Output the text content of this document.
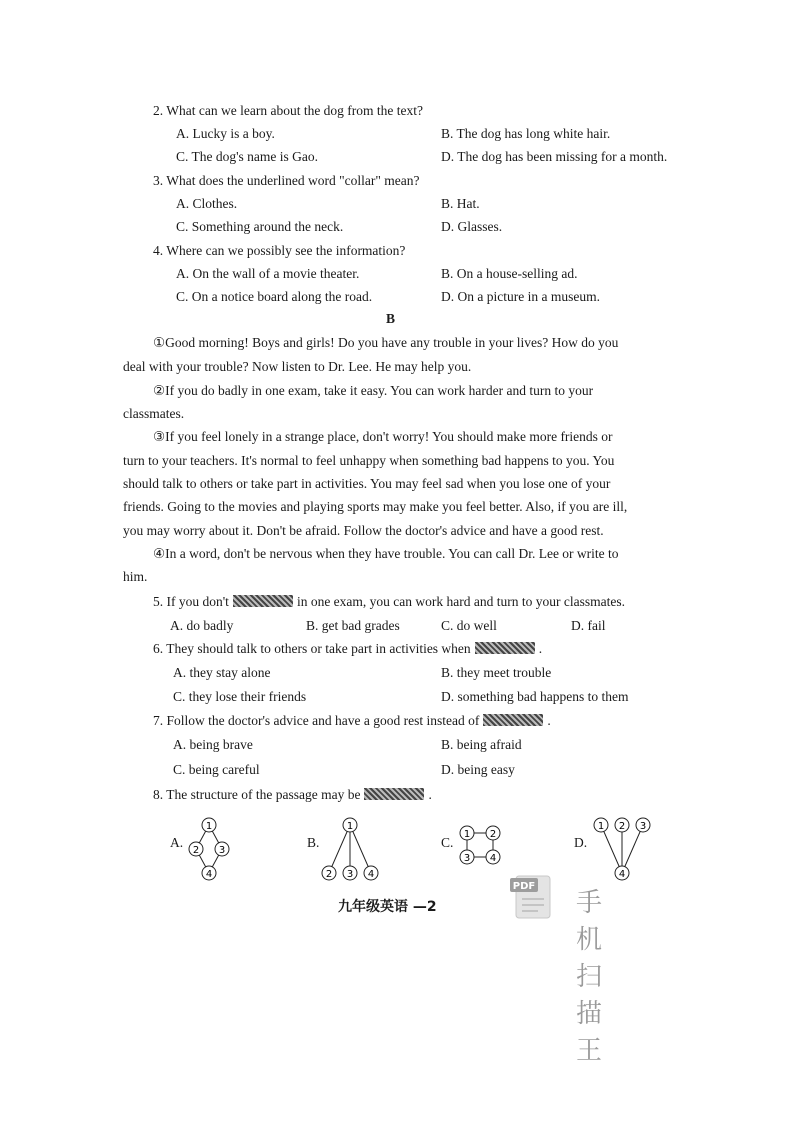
2. What can we learn about the dog from the text?
A. Lucky is a boy.	B. The dog has long white hair.
C. The dog's name is Gao.	D. The dog has been missing for a month.
3. What does the underlined word "collar" mean?
A. Clothes.	B. Hat.
C. Something around the neck.	D. Glasses.
4. Where can we possibly see the information?
A. On the wall of a movie theater.	B. On a house-selling ad.
C. On a notice board along the road.	D. On a picture in a museum.
B
①Good morning! Boys and girls! Do you have any trouble in your lives? How do you
deal with your trouble? Now listen to Dr. Lee. He may help you.
②If you do badly in one exam, take it easy. You can work harder and turn to your
classmates.
③If you feel lonely in a strange place, don't worry! You should make more friends or
turn to your teachers. It's normal to feel unhappy when something bad happens to you. You
should talk to others or take part in activities. You may feel sad when you lose one of your
friends. Going to the movies and playing sports may make you feel better. Also, if you are ill,
you may worry about it. Don't be afraid. Follow the doctor's advice and have a good rest.
④In a word, don't be nervous when they have trouble. You can call Dr. Lee or write to
him.
5. If you don't	in one exam, you can work hard and turn to your classmates.
A. do badly	B. get bad grades	C. do well	D. fail
6. They should talk to others or take part in activities when	.
A. they stay alone	B. they meet trouble
C. they lose their friends	D. something bad happens to them
7. Follow the doctor's advice and have a good rest instead of	.
A. being brave	B. being afraid
C. being careful	D. being easy
8. The structure of the passage may be	.
A.
1
2 3
4
B.
1
2 3 4
C.
1 2
3 4
D.
1 2 3
4
九年级英语 —2
PDF
手机扫描王
